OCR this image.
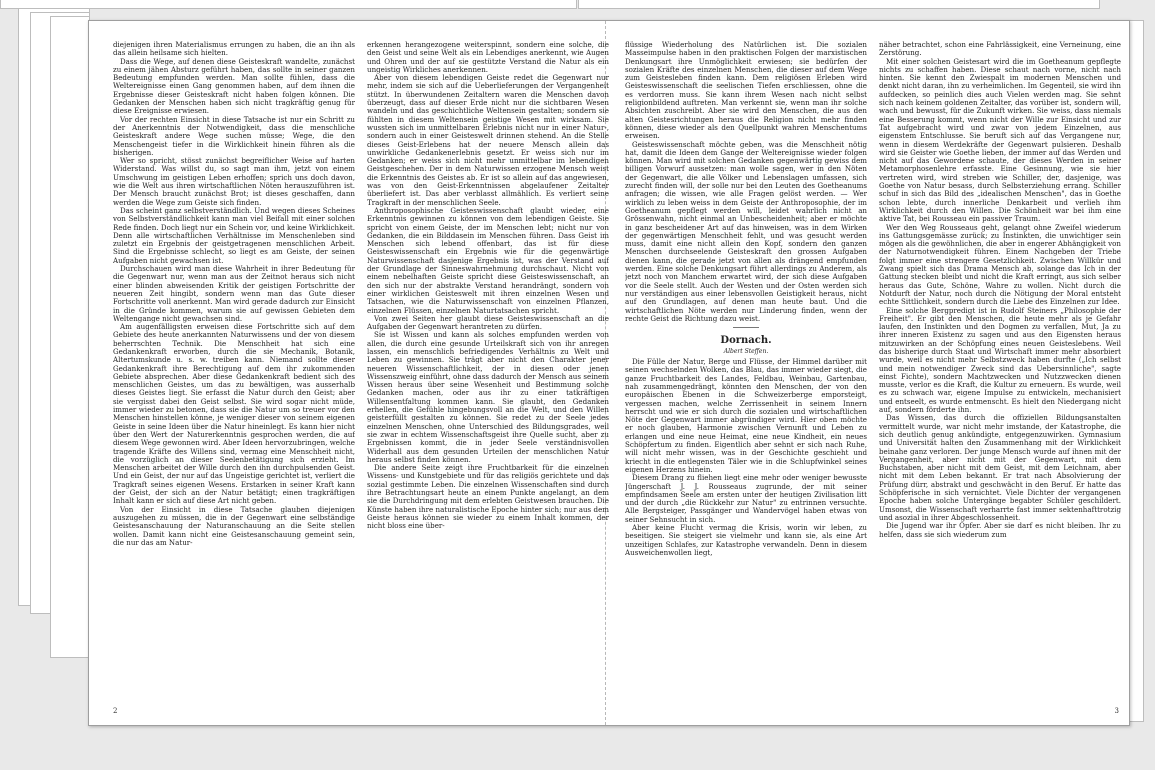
diejenigen ihren Materialismus errungen zu haben, die an ihn als das allein heilsame sich hielten.

Dass die Wege, auf denen diese Geisteskraft wandelte, zunächst zu einem jähen Absturz geführt haben, das sollte in seiner ganzen Bedeutung empfunden werden. Man sollte fühlen, dass die Weltereignisse einen Gang genommen haben, auf dem ihnen die Ergebnisse dieser Geisteskraft nicht haben folgen können. Die Gedanken der Menschen haben sich nicht tragkräftig genug für diese Ereignisse erwiesen.

Vor der rechten Einsicht in diese Tatsache ist nur ein Schritt zu der Anerkenntnis der Notwendigkeit, dass die menschliche Geisteskraft andere Wege suchen müsse; Wege, die den Menschengeist tiefer in die Wirklichkeit hinein führen als die bisherigen.

Wer so spricht, stösst zunächst begreiflicher Weise auf harten Widerstand. Was willst du, so sagt man ihm, jetzt von einem Umschwung im geistigen Leben erhoffen; sprich uns doch davon, wie die Welt aus ihren wirtschaftlichen Nöten herauszuführen ist. Der Mensch braucht zunächst Brot; ist dieses geschaffen, dann werden die Wege zum Geiste sich finden.

Das scheint ganz selbstverständlich. Und wegen dieses Scheines von Selbstverständlichkeit kann man viel Beifall mit einer solchen Rede finden. Doch liegt nur ein Schein vor, und keine Wirklichkeit. Denn alle wirtschaftlichen Verhältnisse im Menschenleben sind zuletzt ein Ergebnis der geistgetragenen menschlichen Arbeit. Sind die Ergebnisse schlecht, so liegt es am Geiste, der seinen Aufgaben nicht gewachsen ist.

Durchschauen wird man diese Wahrheit in ihrer Bedeutung für die Gegenwart nur, wenn man aus der Zeitnot heraus sich nicht einer blinden abweisenden Kritik der geistigen Fortschritte der neueren Zeit hingibt, sondern wenn man das Gute dieser Fortschritte voll anerkennt. Man wird gerade dadurch zur Einsicht in die Gründe kommen, warum sie auf gewissen Gebieten dem Weltengange nicht gewachsen sind.

Am augenfälligsten erweisen diese Fortschritte sich auf dem Gebiete des heute anerkannten Naturwissens und der von diesem beherrschten Technik. Die Menschheit hat sich eine Gedankenkraft erworben, durch die sie Mechanik, Botanik, Altertumskunde u. s. w. treiben kann. Niemand sollte dieser Gedankenkraft ihre Berechtigung auf dem ihr zukommenden Gebiete absprechen. Aber diese Gedankenkraft bedient sich des menschlichen Geistes, um das zu bewältigen, was ausserhalb dieses Geistes liegt. Sie erfasst die Natur durch den Geist; aber sie vergisst dabei den Geist selbst. Sie wird sogar nicht müde, immer wieder zu betonen, dass sie die Natur um so treuer vor den Menschen hinstellen könne, je weniger dieser von seinem eigenen Geiste in seine Ideen über die Natur hineinlegt. Es kann hier nicht über den Wert der Naturerkenntnis gesprochen werden, die auf diesem Wege gewonnen wird. Aber Ideen hervorzubringen, welche tragende Kräfte des Willens sind, vermag eine Menschheit nicht, die vorzüglich an dieser Seelenbetätigung sich erzieht. Im Menschen arbeitet der Wille durch den ihn durchpulsenden Geist. Und ein Geist, der nur auf das Ungeistige gerichtet ist, verliert die Tragkraft seines eigenen Wesens. Erstarken in seiner Kraft kann der Geist, der sich an der Natur betätigt; einen tragkräftigen Inhalt kann er sich auf diese Art nicht geben.

Von der Einsicht in diese Tatsache glauben diejenigen auszugehen zu müssen, die in der Gegenwart eine selbständige Geistesanschauung der Naturanschauung an die Seite stellen wollen. Damit kann nicht eine Geistesanschauung gemeint sein, die nur das am Natur-

erkennen herangezogene weiterspinnt, sondern eine solche, die den Geist und seine Welt als ein Lebendiges anerkennt, wie Augen und Ohren und der auf sie gestützte Verstand die Natur als ein ungeistig Wirkliches anerkennen.

Aber von diesem lebendigen Geiste redet die Gegenwart nur mehr, indem sie sich auf die Ueberlieferungen der Vergangenheit stützt. In überwundenen Zeitaltern waren die Menschen davon überzeugt, dass auf dieser Erde nicht nur die sichtbaren Wesen wandeln und das geschichtliche Weltensein gestalten; sondern sie fühlten in diesem Weltensein geistige Wesen mit wirksam. Sie wussten sich im unmittelbaren Erlebnis nicht nur in einer Natur-, sondern auch in einer Geisteswelt drinnen stehend. An die Stelle dieses Geist-Erlebens hat der neuere Mensch allein das unwirkliche Gedankenerlebnis gesetzt. Er weiss sich nur im Gedanken; er weiss sich nicht mehr unmittelbar im lebendigen Geistgeschehen. Der in dem Naturwissen erzogene Mensch weist die Erkenntnis des Geistes ab. Er ist so allein auf das angewiesen, was von den Geist-Erkenntnissen abgelaufener Zeitalter überliefert ist. Das aber verblasst allmählich. Es verliert seine Tragkraft in der menschlichen Seele.

Anthroposophische Geisteswissenschaft glaubt wieder, eine Erkenntnis gewinnen zu können von dem lebendigen Geiste. Sie spricht von einem Geiste, der im Menschen lebt; nicht nur von Gedanken, die ein Bilddasein im Menschen führen. Dass Geist im Menschen sich lebend offenbart, das ist für diese Geisteswissenschaft ein Ergebnis wie für die gegenwärtige Naturwissenschaft dasjenige Ergebnis ist, was der Verstand auf der Grundlage der Sinneswahrnehmung durchschaut. Nicht von einem nebelhaften Geiste spricht diese Geisteswissenschaft, an den sich nur der abstrakte Verstand herandrängt, sondern von einer wirklichen Geisteswelt mit ihren einzelnen Wesen und Tatsachen, wie die Naturwissenschaft von einzelnen Pflanzen, einzelnen Flüssen, einzelnen Naturtatsachen spricht.

Von zwei Seiten her glaubt diese Geisteswissenschaft an die Aufgaben der Gegenwart herantreten zu dürfen.

Sie ist Wissen und kann als solches empfunden werden von allen, die durch eine gesunde Urteilskraft sich von ihr anregen lassen, ein menschlich befriedigendes Verhältnis zu Welt und Leben zu gewinnen. Sie trägt aber nicht den Charakter jener neueren Wissenschaftlichkeit, der in diesen oder jenen Wissenszweig einführt, ohne dass dadurch der Mensch aus seinem Wissen heraus über seine Wesenheit und Bestimmung solche Gedanken machen, oder aus ihr zu einer tatkräftigen Willensentfaltung kommen kann. Sie glaubt, den Gedanken erhellen, die Gefühle hingebungsvoll an die Welt, und den Willen geisterfüllt gestalten zu können. Sie redet zu der Seele jedes einzelnen Menschen, ohne Unterschied des Bildungsgrades, weil sie zwar in echtem Wissenschaftsgeist ihre Quelle sucht, aber zu Ergebnissen kommt, die in jeder Seele verständnisvollen Widerhall aus dem gesunden Urteilen der menschlichen Natur heraus selbst finden können.

Die andere Seite zeigt ihre Fruchtbarkeit für die einzelnen Wissens- und Kunstgebiete und für das religiös gerichtete und das sozial gestimmte Leben. Die einzelnen Wissenschaften sind durch ihre Betrachtungsart heute an einem Punkte angelangt, an dem sie die Durchdringung mit dem erlebten Geistwesen brauchen. Die Künste haben ihre naturalistische Epoche hinter sich; nur aus dem Geiste heraus können sie wieder zu einem Inhalt kommen, der nicht bloss eine über-

flüssige Wiederholung des Natürlichen ist. Die sozialen Masseimpulse haben in den praktischen Folgen der marxistischen Denkungsart ihre Unmöglichkeit erwiesen; sie bedürfen der sozialen Kräfte des einzelnen Menschen, die dieser auf dem Wege zum Geistesleben finden kann. Dem religiösen Erleben wird Geisteswissenschaft die seelischen Tiefen erschliessen, ohne die es verdorren muss. Sie kann ihrem Wesen nach nicht selbst religionbildend auftreten. Man verkennt sie, wenn man ihr solche Absichten zuschreibt. Aber sie wird den Menschen, die aus den alten Geistesrichtungen heraus die Religion nicht mehr finden können, diese wieder als den Quellpunkt wahren Menschentums erweisen.

Geisteswissenschaft möchte geben, was die Menschheit nötig hat, damit die Ideen dem Gange der Weltereignisse wieder folgen können. Man wird mit solchen Gedanken gegenwärtig gewiss dem billigen Vorwurf aussetzen: man wolle sagen, wer in den Nöten der Gegenwart, die alle Völker und Lebenslagen umfassen, sich zurecht finden will, der solle nur bei den Leuten des Goetheanums anfragen; die wissen, wie alle Fragen gelöst werden. — Wer wirklich zu leben weiss in dem Geiste der Anthroposophie, der im Goetheanum gepflegt werden will, leidet wahrlich nicht an Grössenwahn, nicht einmal an Unbescheidenheit; aber er möchte in ganz bescheidener Art auf das hinweisen, was in dem Wirken der gegenwärtigen Menschheit fehlt, und was gesucht werden muss, damit eine nicht allein den Kopf, sondern den ganzen Menschen durchseelende Geisteskraft den grossen Aufgaben dienen kann, die gerade jetzt von allen als drängend empfunden werden. Eine solche Denkungsart führt allerdings zu Anderem, als jetzt noch von Manchem erwartet wird, der sich diese Aufgaben vor die Seele stellt. Auch der Westen und der Osten werden sich nur verständigen aus einer lebensvollen Geistigkeit heraus, nicht auf den Grundlagen, auf denen man heute baut. Und die wirtschaftlichen Nöte werden nur Linderung finden, wenn der rechte Geist die Richtung dazu weist.

Dornach.
Albert Steffen.

Die Fülle der Natur, Berge und Flüsse, der Himmel darüber mit seinen wechselnden Wolken, das Blau, das immer wieder siegt, die ganze Fruchtbarkeit des Landes, Feldbau, Weinbau, Gartenbau, nah zusammengedrängt, könnten den Menschen, der von den europäischen Ebenen in die Schweizerberge emporsteigt, vergessen machen, welche Zerrissenheit in seinem Innern herrscht und wie er sich durch die sozialen und wirtschaftlichen Nöte der Gegenwart immer abgründiger wird. Hier oben möchte er noch glauben, Harmonie zwischen Vernunft und Leben zu erlangen und eine neue Heimat, eine neue Kindheit, ein neues Schöpfertum zu finden. Eigentlich aber sehnt er sich nach Ruhe, will nicht mehr wissen, was in der Geschichte geschieht und kriecht in die entlegensten Täler wie in die Schlupfwinkel seines eigenen Herzens hinein.

Diesem Drang zu fliehen liegt eine mehr oder weniger bewusste Jüngerschaft J. J. Rousseaus zugrunde, der mit seiner empfindsamen Seele am ersten unter der heutigen Zivilisation litt und der durch „die Rückkehr zur Natur" zu entrinnen versuchte. Alle Bergsteiger, Passgänger und Wandervögel haben etwas von seiner Sehnsucht in sich.

Aber keine Flucht vermag die Krisis, worin wir leben, zu beseitigen. Sie steigert sie vielmehr und kann sie, als eine Art unzeitigen Schlafes, zur Katastrophe verwandeln. Denn in diesem Ausweichenwollen liegt,

näher betrachtet, schon eine Fahrlässigkeit, eine Verneinung, eine Zerstörung.

Mit einer solchen Geistesart wird die im Goetheanum gepflegte nichts zu schaffen haben. Diese schaut nach vorne, nicht nach hinten. Sie kennt den Zwiespalt im modernen Menschen und denkt nicht daran, ihn zu verheimlichen. Im Gegenteil, sie wird ihn aufdecken, so peinlich dies auch Vielen werden mag. Sie sehnt sich nach keinem goldenen Zeitalter, das vorüber ist, sondern will, wach und bewusst, für die Zukunft wirken. Sie weiss, dass niemals eine Besserung kommt, wenn nicht der Wille zur Einsicht und zur Tat aufgebracht wird und zwar von jedem Einzelnen, aus eigenstem Entschlusse. Sie beruft sich auf das Vergangene nur, wenn in diesem Werdekräfte der Gegenwart pulsieren. Deshalb wird sie Geister wie Goethe lieben, der immer auf das Werden und nicht auf das Gewordene schaute, der dieses Werden in seiner Metamorphosenlehre erfasste. Eine Gesinnung, wie sie hier vertreten wird, wird streben wie Schiller, der, dasjenige, was Goethe von Natur besass, durch Selbsterziehung errang. Schiller schuf in sich das Bild des „idealischen Menschen", das in Goethe schon lebte, durch innerliche Denkarbeit und verlieh ihm Wirklichkeit durch den Willen. Die Schönheit war bei ihm eine aktive Tat, bei Rousseau ein passiver Traum.

Wer den Weg Rousseaus geht, gelangt ohne Zweifel wiederum ins Gattungsgemässe zurück; zu Instinkten, die unwichtiger sein mögen als die gewöhnlichen, die aber in engerer Abhängigkeit von der Naturnotwendigkeit führen. Einem Nachgeben der Triebe folgt immer eine strengere Gesetzlichkeit. Zwischen Willkür und Zwang spielt sich das Drama Mensch ab, solange das Ich in der Gattung stecken bleibt und nicht die Kraft erringt, aus sich selber heraus das Gute, Schöne, Wahre zu wollen. Nicht durch die Notdurft der Natur, noch durch die Nötigung der Moral entsteht echte Sittlichkeit, sondern durch die Liebe des Einzelnen zur Idee.

Eine solche Bergpredigt ist in Rudolf Steiners „Philosophie der Freiheit". Er gibt den Menschen, die heute mehr als je Gefahr laufen, den Instinkten und den Dogmen zu verfallen, Mut, Ja zu ihrer inneren Existenz zu sagen und aus den Eigensten heraus mitzuwirken an der Schöpfung eines neuen Geisteslebens. Weil das bisherige durch Staat und Wirtschaft immer mehr absorbiert wurde, weil es nicht mehr Selbstzweck haben durfte („Ich selbst und mein notwendiger Zweck sind das Uebersinnliche", sagte einst Fichte), sondern Machtzwecken und Nutzzwecken dienen musste, verlor es die Kraft, die Kultur zu erneuern. Es wurde, weil es zu schwach war, eigene Impulse zu entwickeln, mechanisiert und entseelt, es wurde entmenscht. Es hielt den Niedergang nicht auf, sondern förderte ihn.

Das Wissen, das durch die offiziellen Bildungsanstalten vermittelt wurde, war nicht mehr imstande, der Katastrophe, die sich deutlich genug ankündigte, entgegenzuwirken. Gymnasium und Universität halten den Zusammenhang mit der Wirklichkeit beinahe ganz verloren. Der junge Mensch wurde auf ihnen mit der Vergangenheit, aber nicht mit der Gegenwart, mit dem Buchstaben, aber nicht mit dem Geist, mit dem Leichnam, aber nicht mit dem Leben bekannt. Er trat nach Absolvierung der Prüfung dürr, abstrakt und geschwächt in den Beruf. Er hatte das Schöpferische in sich vernichtet. Viele Dichter der vergangenen Epoche haben solche Untergänge begabter Schüler geschildert. Umsonst, die Wissenschaft verharrte fast immer sektenhafttrotzig und asozial in ihrer Abgeschlossenheit.

Die Jugend war ihr Opfer. Aber sie darf es nicht bleiben. Ihr zu helfen, dass sie sich wiederum zum

2	3
